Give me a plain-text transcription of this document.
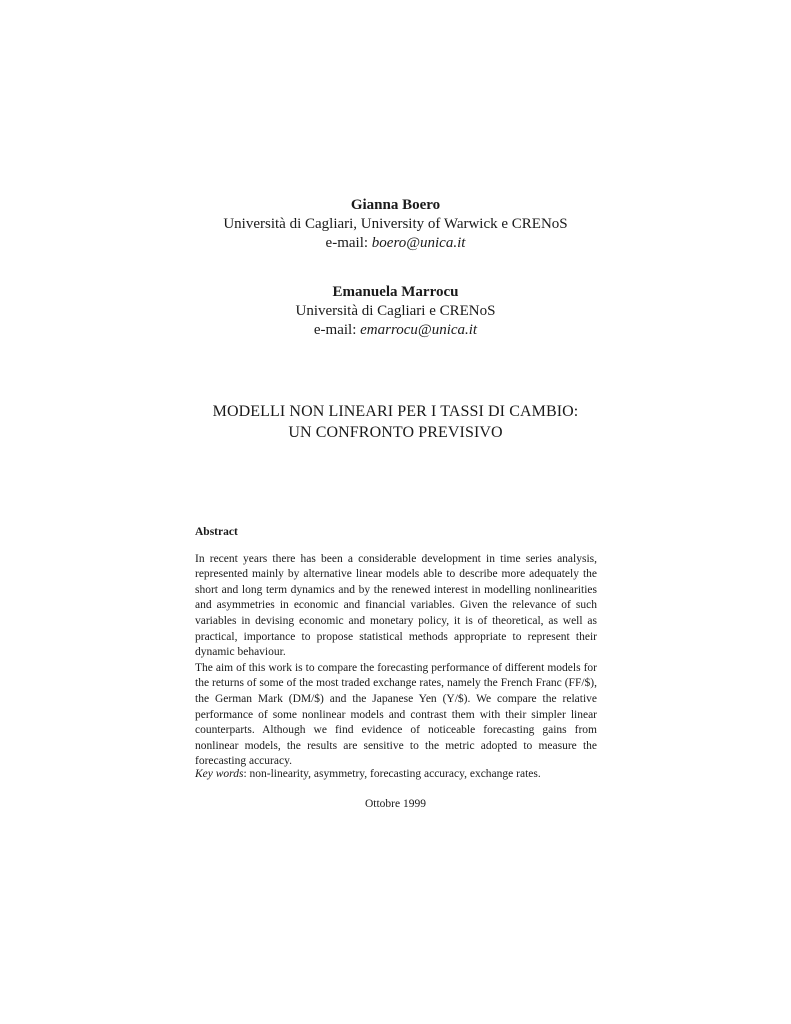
Gianna Boero
Università di Cagliari, University of Warwick e CRENoS
e-mail: boero@unica.it
Emanuela Marrocu
Università di Cagliari e CRENoS
e-mail: emarrocu@unica.it
MODELLI NON LINEARI PER I TASSI DI CAMBIO:
UN CONFRONTO PREVISIVO
Abstract

In recent years there has been a considerable development in time series analysis, represented mainly by alternative linear models able to describe more adequately the short and long term dynamics and by the renewed interest in modelling nonlinearities and asymmetries in economic and financial variables. Given the relevance of such variables in devising economic and monetary policy, it is of theoretical, as well as practical, importance to propose statistical methods appropriate to represent their dynamic behaviour.

The aim of this work is to compare the forecasting performance of different models for the returns of some of the most traded exchange rates, namely the French Franc (FF/$), the German Mark (DM/$) and the Japanese Yen (Y/$). We compare the relative performance of some nonlinear models and contrast them with their simpler linear counterparts. Although we find evidence of noticeable forecasting gains from nonlinear models, the results are sensitive to the metric adopted to measure the forecasting accuracy.

Key words: non-linearity, asymmetry, forecasting accuracy, exchange rates.
Ottobre 1999
